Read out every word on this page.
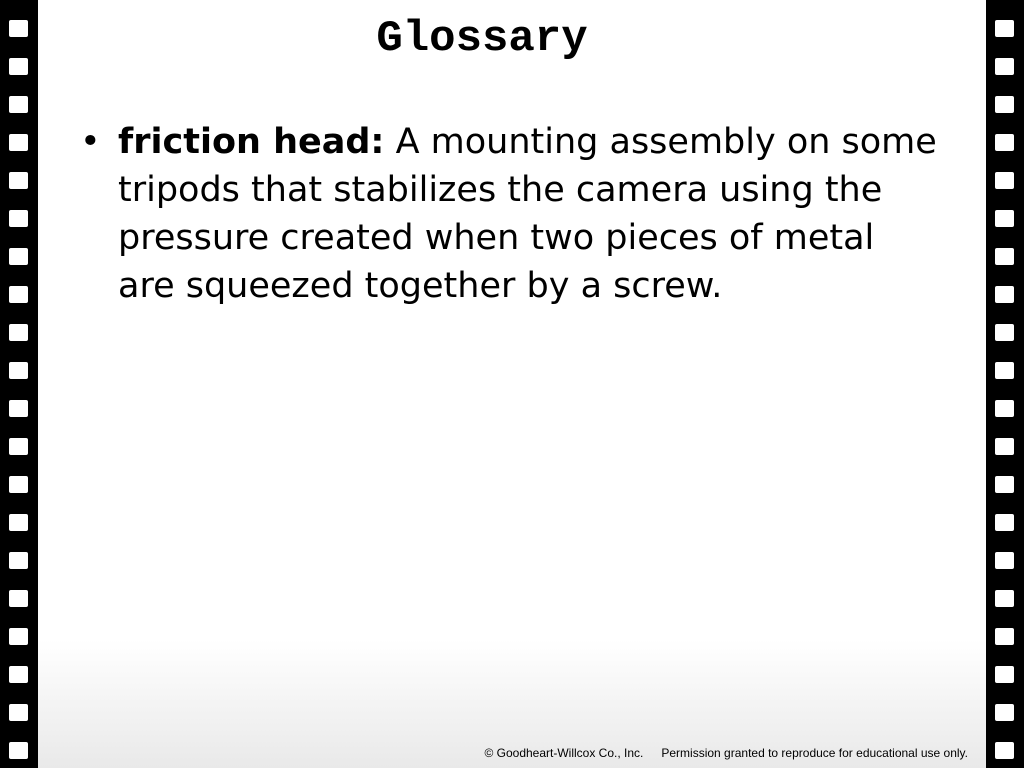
Glossary
• friction head: A mounting assembly on some tripods that stabilizes the camera using the pressure created when two pieces of metal are squeezed together by a screw.
© Goodheart-Willcox Co., Inc. Permission granted to reproduce for educational use only.
